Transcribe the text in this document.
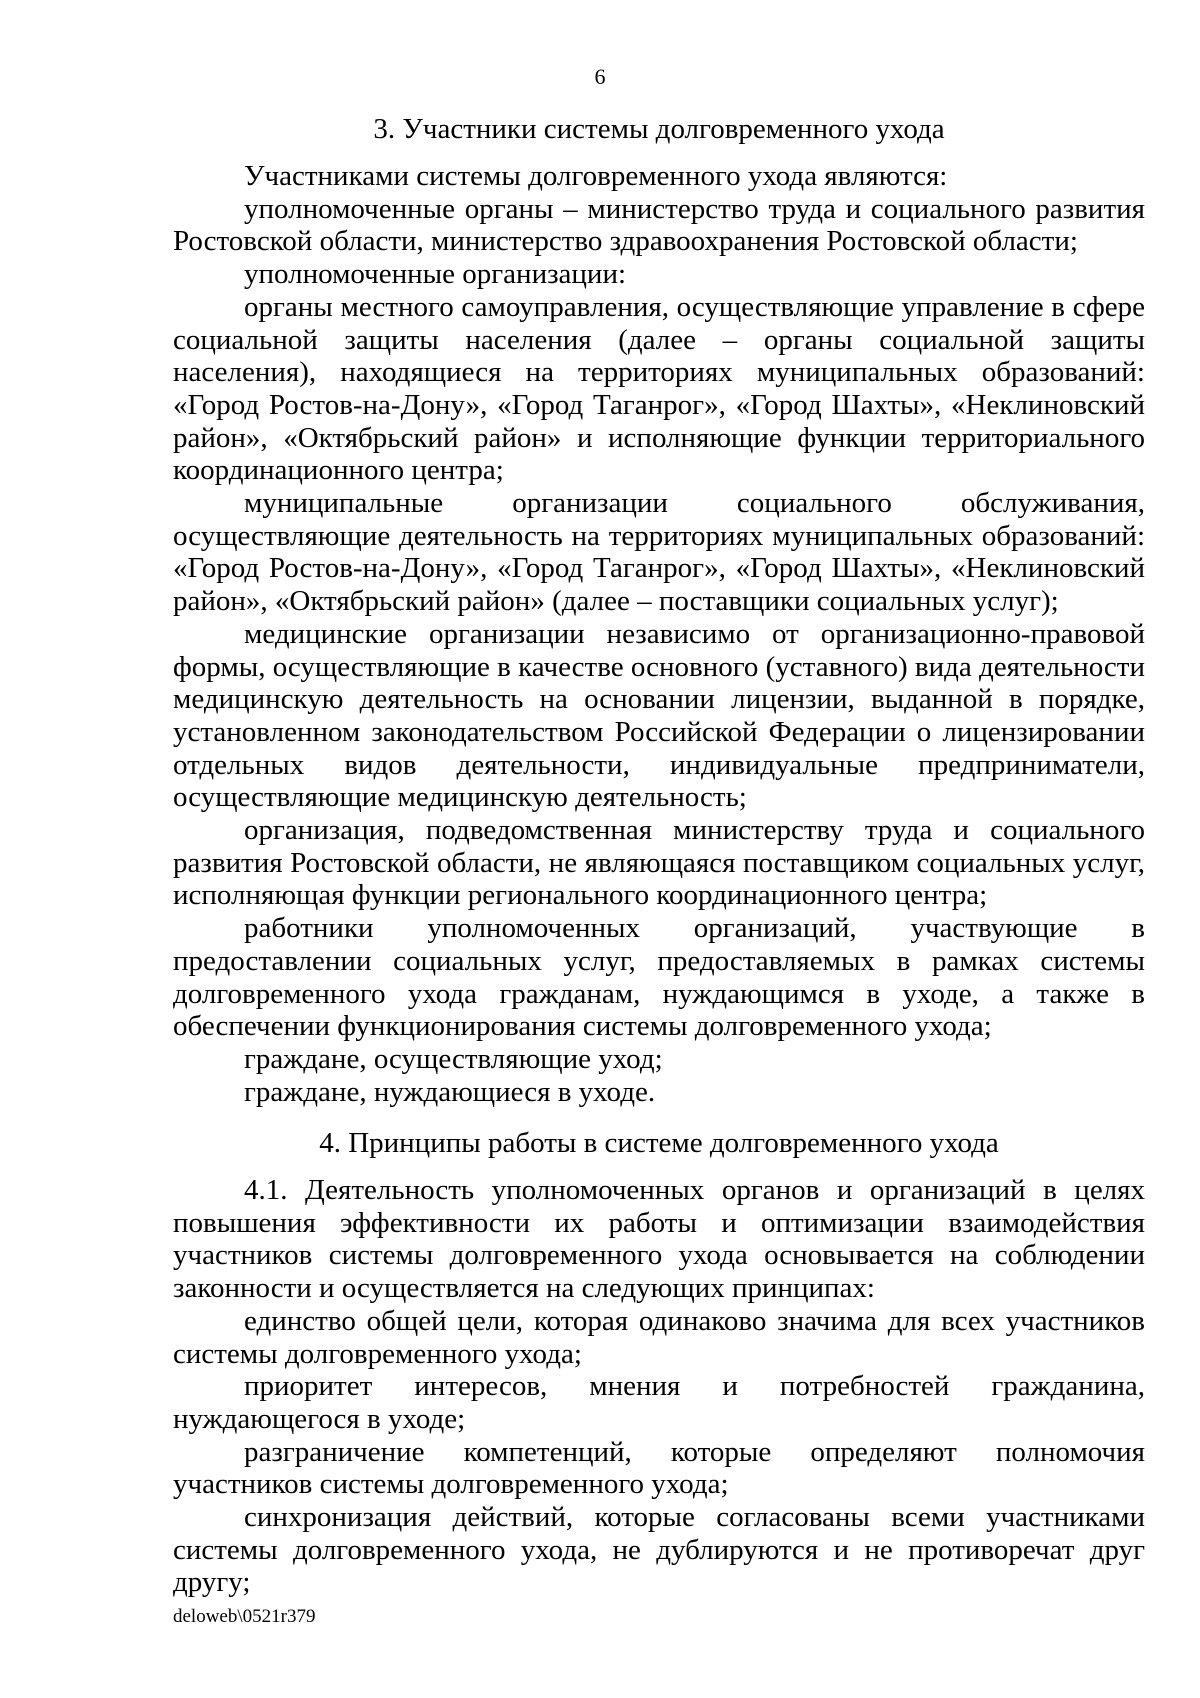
6
3. Участники системы долговременного ухода

Участниками системы долговременного ухода являются:

уполномоченные органы – министерство труда и социального развития Ростовской области, министерство здравоохранения Ростовской области;

уполномоченные организации:

органы местного самоуправления, осуществляющие управление в сфере социальной защиты населения (далее – органы социальной защиты населения), находящиеся на территориях муниципальных образований: «Город Ростов-на-Дону», «Город Таганрог», «Город Шахты», «Неклиновский район», «Октябрьский район» и исполняющие функции территориального координационного центра;

муниципальные организации социального обслуживания, осуществляющие деятельность на территориях муниципальных образований: «Город Ростов-на-Дону», «Город Таганрог», «Город Шахты», «Неклиновский район», «Октябрьский район» (далее – поставщики социальных услуг);

медицинские организации независимо от организационно-правовой формы, осуществляющие в качестве основного (уставного) вида деятельности медицинскую деятельность на основании лицензии, выданной в порядке, установленном законодательством Российской Федерации о лицензировании отдельных видов деятельности, индивидуальные предприниматели, осуществляющие медицинскую деятельность;

организация, подведомственная министерству труда и социального развития Ростовской области, не являющаяся поставщиком социальных услуг, исполняющая функции регионального координационного центра;

работники уполномоченных организаций, участвующие в предоставлении социальных услуг, предоставляемых в рамках системы долговременного ухода гражданам, нуждающимся в уходе, а также в обеспечении функционирования системы долговременного ухода;

граждане, осуществляющие уход;

граждане, нуждающиеся в уходе.

4. Принципы работы в системе долговременного ухода

4.1. Деятельность уполномоченных органов и организаций в целях повышения эффективности их работы и оптимизации взаимодействия участников системы долговременного ухода основывается на соблюдении законности и осуществляется на следующих принципах:

единство общей цели, которая одинаково значима для всех участников системы долговременного ухода;

приоритет интересов, мнения и потребностей гражданина, нуждающегося в уходе;

разграничение компетенций, которые определяют полномочия участников системы долговременного ухода;

синхронизация действий, которые согласованы всеми участниками системы долговременного ухода, не дублируются и не противоречат друг другу;

deloweb\0521r379
